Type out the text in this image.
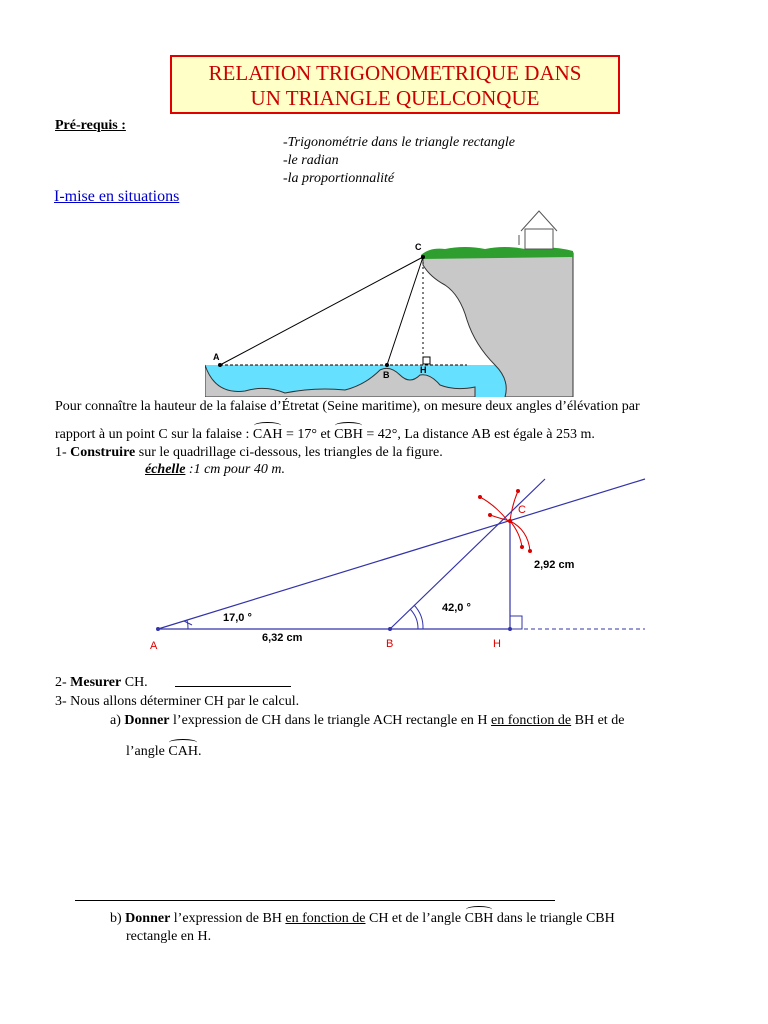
RELATION TRIGONOMETRIQUE DANS
UN TRIANGLE QUELCONQUE
Pré-requis :
-Trigonométrie dans le triangle rectangle
-le radian
-la proportionnalité
I-mise en situations
C
A
B	H
Pour connaître la hauteur de la falaise d’Étretat (Seine maritime), on mesure deux angles d’élévation par
rapport à un point C sur la falaise : CAH = 17° et CBH = 42°, La distance AB est égale à 253 m.
1- Construire sur le quadrillage ci-dessous, les triangles de la figure.
échelle :1 cm pour 40 m.
A	B	H
C
17,0 °
42,0 °
6,32 cm
2,92 cm
2- Mesurer CH.
3- Nous allons déterminer CH par le calcul.
a) Donner l’expression de CH dans le triangle ACH rectangle en H en fonction de BH et de
l’angle CAH.
b) Donner l’expression de BH en fonction de CH et de l’angle CBH dans le triangle CBH
rectangle en H.
